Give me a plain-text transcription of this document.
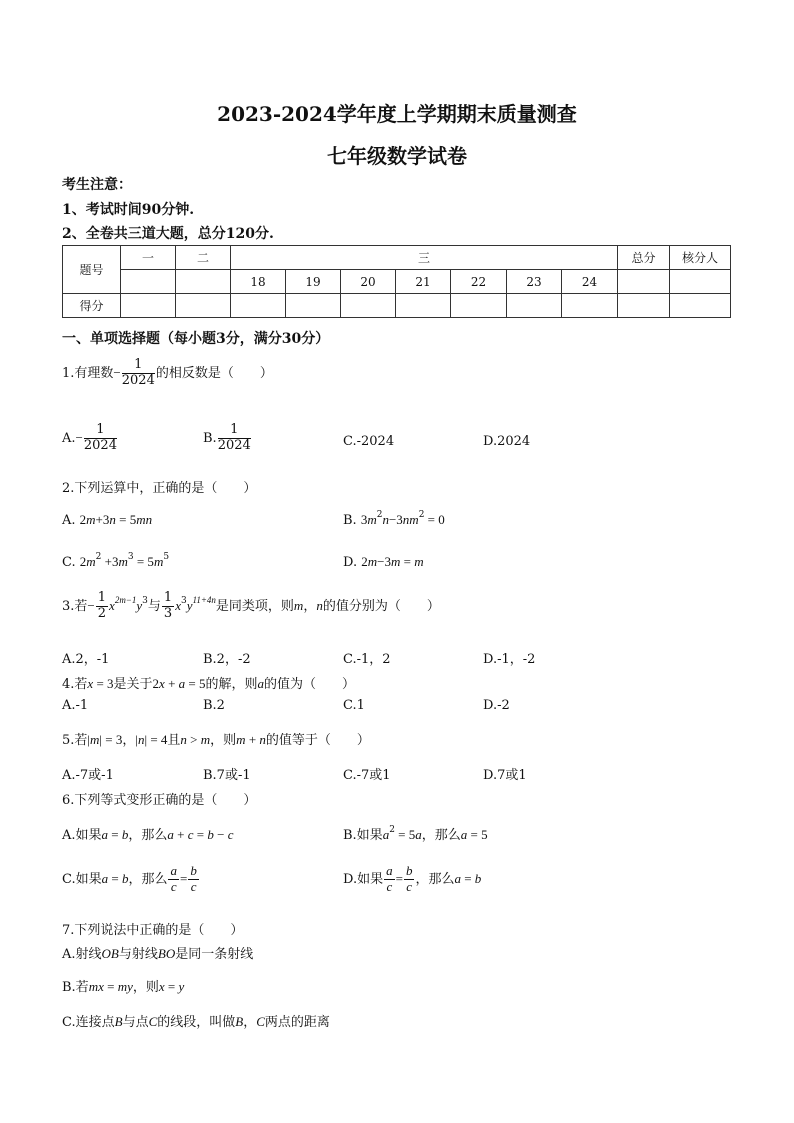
2023-2024学年度上学期期末质量测查
七年级数学试卷
考生注意：
1、考试时间90分钟.
2、全卷共三道大题，总分120分.
题号	一	二	三							总分	核分人
			18	19	20	21	22	23	24		
得分											
一、单项选择题（每小题3分，满分30分）
1.有理数− $\frac{1}{2024}$ 的相反数是（　　）
$A.- \frac{1}{2024}$	B. $\frac{1}{2024}$	C.-2024	D.2024
2.下列运算中，正确的是（　　）
A. 2m+3n = 5mn	B. $3m^2n-3nm^2 = 0$
C. $2m^2 +3m^3 = 5m^5$	D. 2m−3m = m
3.若− $\frac{1}{2} x^{2m-1}y^3$与 $\frac{1}{3} x^3y^{11+4n}$是同类项，则m，n的值分别为（　　）
A.2，-1	B.2，-2	C.-1，2	D.-1，-2
4.若x = 3是关于2x + a = 5的解，则a的值为（　　）
A.-1	B.2	C.1	D.-2
5.若|m| = 3，|n| = 4且n > m，则m + n的值等于（　　）
A.-7或-1	B.7或-1	C.-7或1	D.7或1
6.下列等式变形正确的是（　　）
A.如果a = b，那么a + c = b − c	B.如果$a^2 = 5a$，那么a = 5
C.如果a = b，那么 $\frac{a}{c} = \frac{b}{c}$	D.如果 $\frac{a}{c} = \frac{b}{c}$ ，那么a = b
7.下列说法中正确的是（　　）
A.射线OB与射线BO是同一条射线
B.若mx = my，则x = y
C.连接点B与点C的线段，叫做B，C两点的距离
